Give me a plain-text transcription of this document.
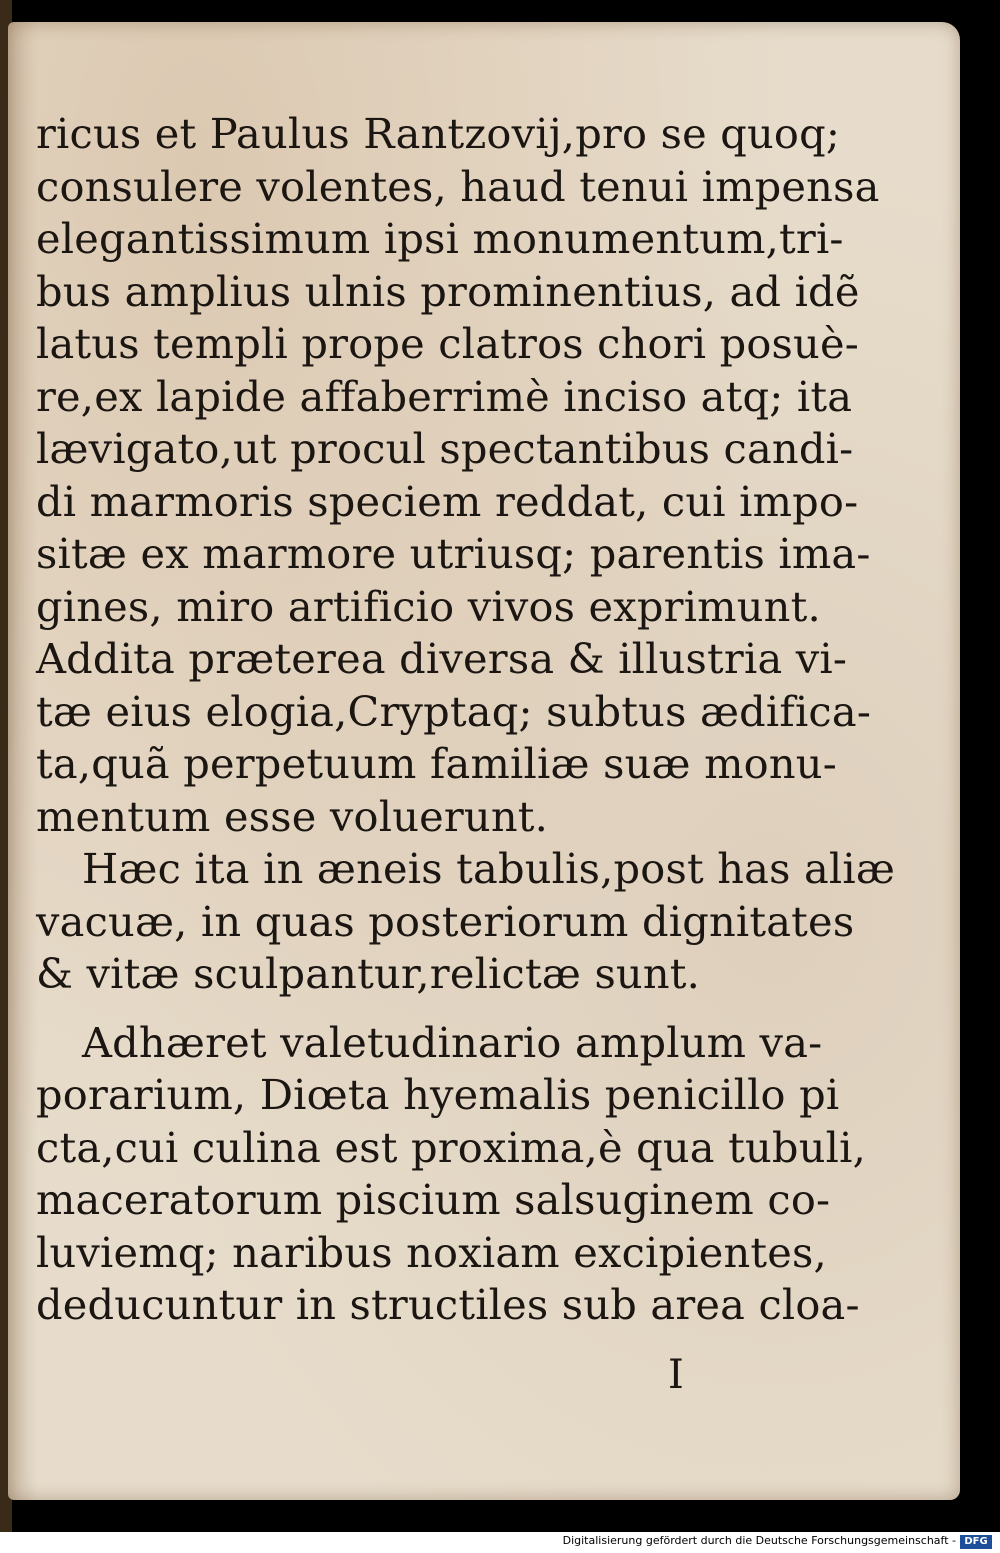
ricus et Paulus Rantzovij,pro se quoq;
consulere volentes, haud tenui impensa
elegantissimum ipsi monumentum,tri-
bus amplius ulnis prominentius, ad idẽ
latus templi prope clatros chori posuè-
re,ex lapide affaberrimè inciso atq; ita
lævigato,ut procul spectantibus candi-
di marmoris speciem reddat, cui impo-
sitæ ex marmore utriusq; parentis ima-
gines, miro artificio vivos exprimunt.
Addita præterea diversa & illustria vi-
tæ eius elogia,Cryptaq; subtus ædifica-
ta,quã perpetuum familiæ suæ monu-
mentum esse voluerunt.
Hæc ita in æneis tabulis,post has aliæ
vacuæ, in quas posteriorum dignitates
& vitæ sculpantur,relictæ sunt.
Adhæret valetudinario amplum va-
porarium, Diœta hyemalis penicillo pi
cta,cui culina est proxima,è qua tubuli,
maceratorum piscium salsuginem co-
luviemq; naribus noxiam excipientes,
deducuntur in structiles sub area cloa-
I
Digitalisierung gefördert durch die Deutsche Forschungsgemeinschaft - DFG
